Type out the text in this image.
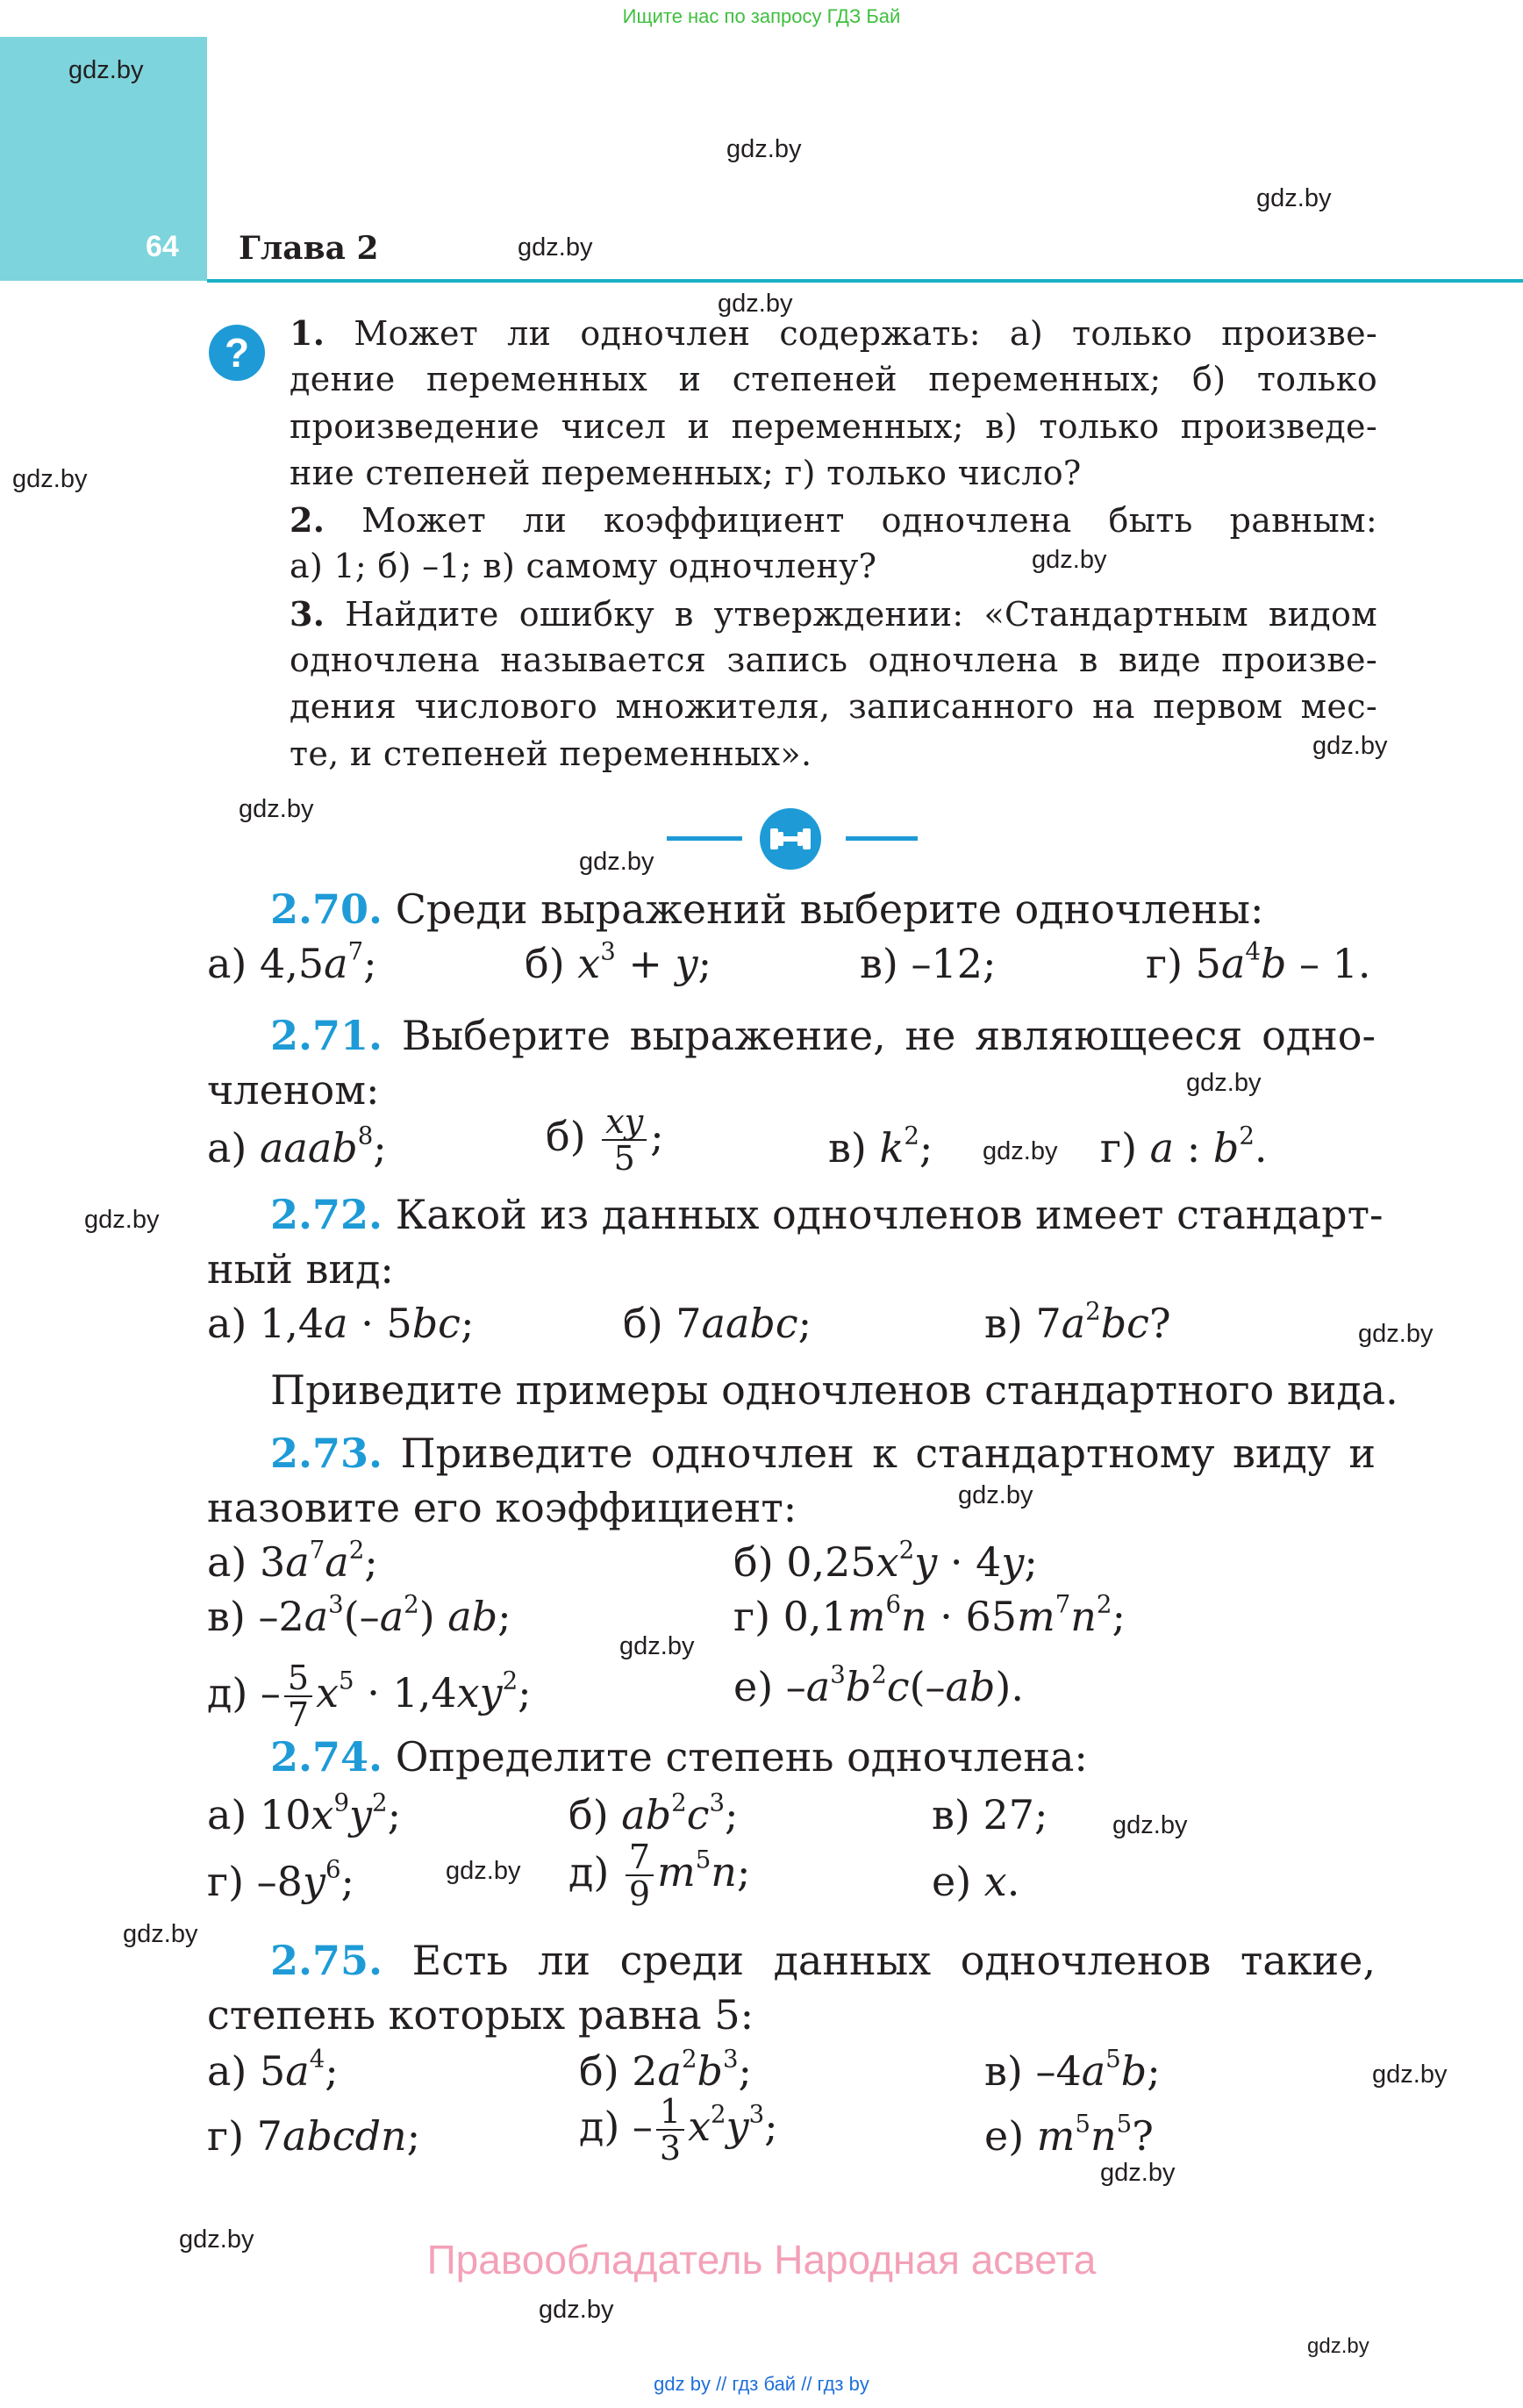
Ищите нас по запросу ГДЗ Бай
64 Глава 2
gdz.by
gdz.by
gdz.by
gdz.by
gdz.by
gdz.by
gdz.by
gdz.by
gdz.by
gdz.by
gdz.by
gdz.by
gdz.by
gdz.by
gdz.by
gdz.by
gdz.by
gdz.by
gdz.by
gdz.by
gdz.by
gdz.by
gdz.by
gdz.by
?	1. Может ли одночлен содержать: а) только произве-
дение переменных и степеней переменных; б) только
произведение чисел и переменных; в) только произведе-
ние степеней переменных; г) только число?
2. Может ли коэффициент одночлена быть равным:
а) 1; б) –1; в) самому одночлену?
3. Найдите ошибку в утверждении: «Стандартным видом
одночлена называется запись одночлена в виде произве-
дения числового множителя, записанного на первом мес-
те, и степеней переменных».
2.70. Среди выражений выберите одночлены:
а) $4,5a^7$;	б) $x^3 + y$;	в) –12;	г) $5a^4b - 1$.
2.71. Выберите выражение, не являющееся одно-
членом:
а) aaab$^8$;	$б) \frac{xy}{5}$ ;	в) $k^2$;	г) a : $b^2$.
2.72. Какой из данных одночленов имеет стандарт-
ный вид:
а) 1,4a · 5bc;	б) 7aabc;	в) $7a^2bc$?
Приведите примеры одночленов стандартного вида.
2.73. Приведите одночлен к стандартному виду и
назовите его коэффициент:
а) $3a^7a^2$;	б) $0,25x^2y \cdot 4y$;
в) $-2a^3(-a^2)$ ab;	г) $0,1m^6n \cdot 65m^7n^2$;
$д) - \frac{5}{7} x^5 \cdot 1,4xy^2$;	е) $-a^3b^2c(-ab)$.
2.74. Определите степень одночлена:
а) $10x^9y^2$;	б) $ab^2c^3$;	в) 27;
г) $-8y^6$;	$д) \frac{7}{9} m^5n$;	е) x.
2.75. Есть ли среди данных одночленов такие,
степень которых равна 5:
а) $5a^4$;	б) $2a^2b^3$;	в) $-4a^5b$;
г) 7abcdn;	$д) - \frac{1}{3} x^2y^3$;	е) $m^5n^5$?
Правообладатель Народная асвета
gdz by // гдз бай // гдз by
